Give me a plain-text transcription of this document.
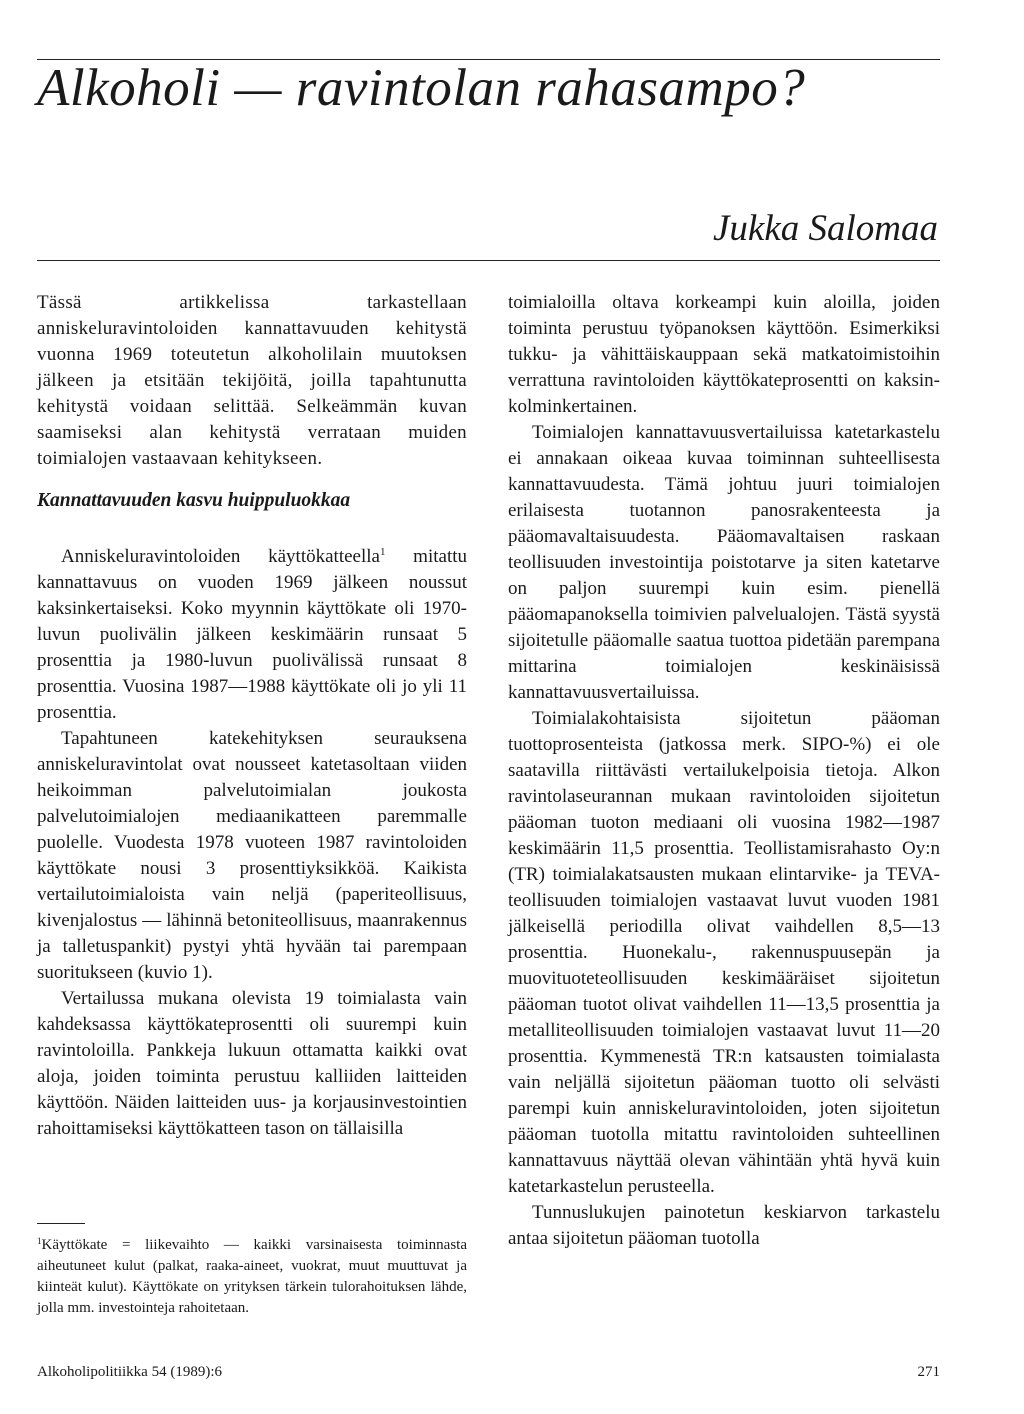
Alkoholi — ravintolan rahasampo?
Jukka Salomaa

Tässä artikkelissa tarkastellaan anniskeluravintoloiden kannattavuuden kehitystä vuonna 1969 toteutetun alkoholilain muutoksen jälkeen ja etsitään tekijöitä, joilla tapahtunutta kehitystä voidaan selittää. Selkeämmän kuvan saamiseksi alan kehitystä verrataan muiden toimialojen vastaavaan kehitykseen.

Kannattavuuden kasvu huippuluokkaa

Anniskeluravintoloiden käyttökatteella$^1$ mitattu kannattavuus on vuoden 1969 jälkeen noussut kaksinkertaiseksi. Koko myynnin käyttökate oli 1970-luvun puolivälin jälkeen keskimäärin runsaat 5 prosenttia ja 1980-luvun puolivälissä runsaat 8 prosenttia. Vuosina 1987—1988 käyttökate oli jo yli 11 prosenttia.

Tapahtuneen katekehityksen seurauksena anniskeluravintolat ovat nousseet katetasoltaan viiden heikoimman palvelutoimialan joukosta palvelutoimialojen mediaanikatteen paremmalle puolelle. Vuodesta 1978 vuoteen 1987 ravintoloiden käyttökate nousi 3 prosenttiyksikköä. Kaikista vertailutoimialoista vain neljä (paperiteollisuus, kivenjalostus — lähinnä betoniteollisuus, maanrakennus ja talletuspankit) pystyi yhtä hyvään tai parempaan suoritukseen (kuvio 1).

Vertailussa mukana olevista 19 toimialasta vain kahdeksassa käyttökateprosentti oli suurempi kuin ravintoloilla. Pankkeja lukuun ottamatta kaikki ovat aloja, joiden toiminta perustuu kalliiden laitteiden käyttöön. Näiden laitteiden uus- ja korjausinvestointien rahoittamiseksi käyttökatteen tason on tällaisilla

toimialoilla oltava korkeampi kuin aloilla, joiden toiminta perustuu työpanoksen käyttöön. Esimerkiksi tukku- ja vähittäiskauppaan sekä matkatoimistoihin verrattuna ravintoloiden käyttökateprosentti on kaksin-kolminkertainen.

Toimialojen kannattavuusvertailuissa katetarkastelu ei annakaan oikeaa kuvaa toiminnan suhteellisesta kannattavuudesta. Tämä johtuu juuri toimialojen erilaisesta tuotannon panosrakenteesta ja pääomavaltaisuudesta. Pääomavaltaisen raskaan teollisuuden investointija poistotarve ja siten katetarve on paljon suurempi kuin esim. pienellä pääomapanoksella toimivien palvelualojen. Tästä syystä sijoitetulle pääomalle saatua tuottoa pidetään parempana mittarina toimialojen keskinäisissä kannattavuusvertailuissa.

Toimialakohtaisista sijoitetun pääoman tuottoprosenteista (jatkossa merk. SIPO-%) ei ole saatavilla riittävästi vertailukelpoisia tietoja. Alkon ravintolaseurannan mukaan ravintoloiden sijoitetun pääoman tuoton mediaani oli vuosina 1982—1987 keskimäärin 11,5 prosenttia. Teollistamisrahasto Oy:n (TR) toimialakatsausten mukaan elintarvike- ja TEVA-teollisuuden toimialojen vastaavat luvut vuoden 1981 jälkeisellä periodilla olivat vaihdellen 8,5—13 prosenttia. Huonekalu-, rakennuspuusepän ja muovituoteteollisuuden keskimääräiset sijoitetun pääoman tuotot olivat vaihdellen 11—13,5 prosenttia ja metalliteollisuuden toimialojen vastaavat luvut 11—20 prosenttia. Kymmenestä TR:n katsausten toimialasta vain neljällä sijoitetun pääoman tuotto oli selvästi parempi kuin anniskeluravintoloiden, joten sijoitetun pääoman tuotolla mitattu ravintoloiden suhteellinen kannattavuus näyttää olevan vähintään yhtä hyvä kuin katetarkastelun perusteella.

Tunnuslukujen painotetun keskiarvon tarkastelu antaa sijoitetun pääoman tuotolla

$^1$Käyttökate = liikevaihto — kaikki varsinaisesta toiminnasta aiheutuneet kulut (palkat, raaka-aineet, vuokrat, muut muuttuvat ja kiinteät kulut). Käyttökate on yrityksen tärkein tulorahoituksen lähde, jolla mm. investointeja rahoitetaan.

Alkoholipolitiikka 54 (1989):6	271
